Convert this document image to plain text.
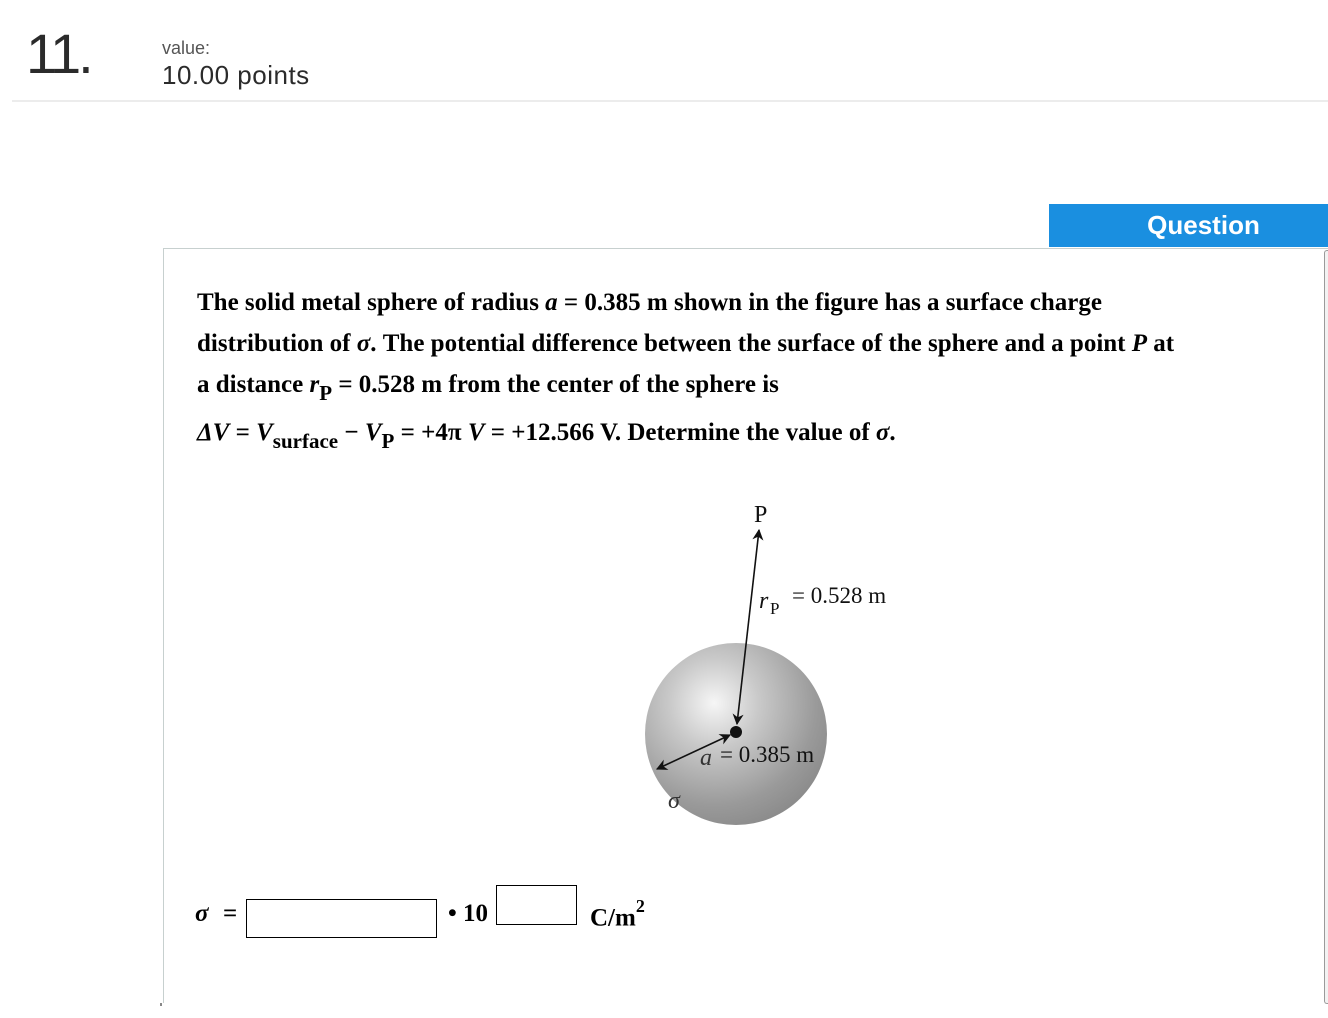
11.	value:
10.00 points
Question
The solid metal sphere of radius a = 0.385 m shown in the figure has a surface charge
distribution of σ. The potential difference between the surface of the sphere and a point P at
a distance $r_P = 0.528$ m from the center of the sphere is
$\Delta V = V_{surface} - V_P = +4\pi$ V = +12.566 V. Determine the value of σ.
P
r P
= 0.528 m
a = 0.385 m
σ
σ =	• 10	$C/m^2$
